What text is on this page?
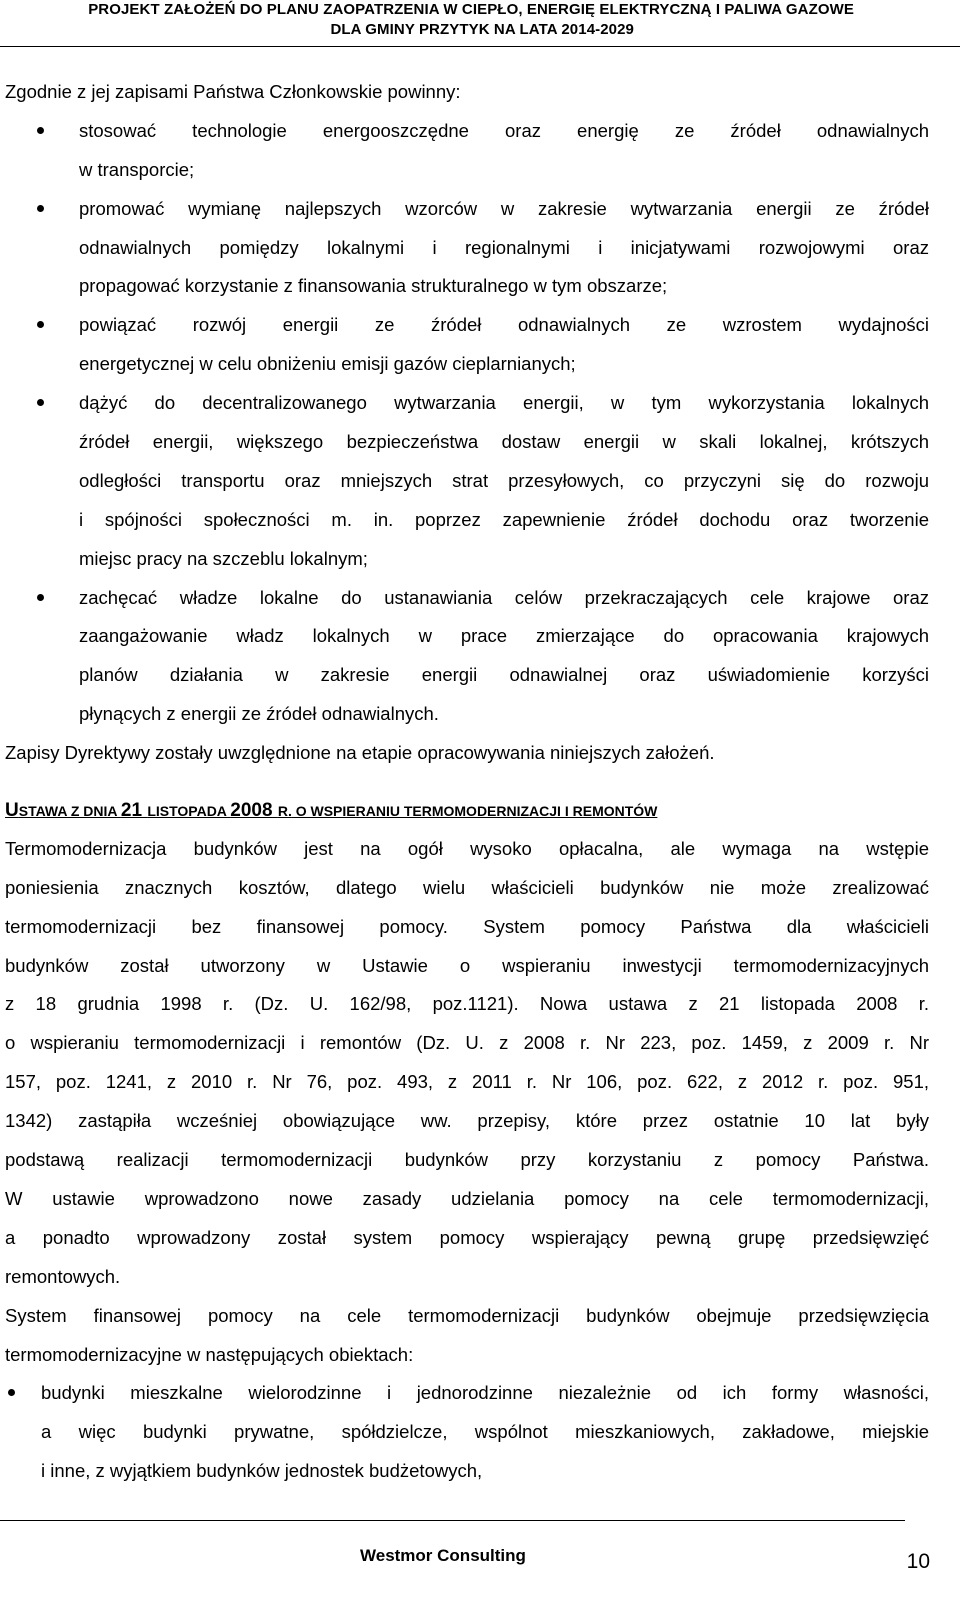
PROJEKT ZAŁOŻEŃ DO PLANU ZAOPATRZENIA W CIEPŁO, ENERGIĘ ELEKTRYCZNĄ I PALIWA GAZOWE
DLA GMINY PRZYTYK NA LATA 2014-2029
Zgodnie z jej zapisami Państwa Członkowskie powinny:
stosować technologie energooszczędne oraz energię ze źródeł odnawialnych
w transporcie;
promować wymianę najlepszych wzorców w zakresie wytwarzania energii ze źródeł
odnawialnych pomiędzy lokalnymi i regionalnymi i inicjatywami rozwojowymi oraz
propagować korzystanie z finansowania strukturalnego w tym obszarze;
powiązać rozwój energii ze źródeł odnawialnych ze wzrostem wydajności
energetycznej w celu obniżeniu emisji gazów cieplarnianych;
dążyć do decentralizowanego wytwarzania energii, w tym wykorzystania lokalnych
źródeł energii, większego bezpieczeństwa dostaw energii w skali lokalnej, krótszych
odległości transportu oraz mniejszych strat przesyłowych, co przyczyni się do rozwoju
i spójności społeczności m. in. poprzez zapewnienie źródeł dochodu oraz tworzenie
miejsc pracy na szczeblu lokalnym;
zachęcać władze lokalne do ustanawiania celów przekraczających cele krajowe oraz
zaangażowanie władz lokalnych w prace zmierzające do opracowania krajowych
planów działania w zakresie energii odnawialnej oraz uświadomienie korzyści
płynących z energii ze źródeł odnawialnych.
Zapisy Dyrektywy zostały uwzględnione na etapie opracowywania niniejszych założeń.
USTAWA Z DNIA 21 LISTOPADA 2008 R. O WSPIERANIU TERMOMODERNIZACJI I REMONTÓW
Termomodernizacja budynków jest na ogół wysoko opłacalna, ale wymaga na wstępie
poniesienia znacznych kosztów, dlatego wielu właścicieli budynków nie może zrealizować
termomodernizacji bez finansowej pomocy. System pomocy Państwa dla właścicieli
budynków został utworzony w Ustawie o wspieraniu inwestycji termomodernizacyjnych
z 18 grudnia 1998 r. (Dz. U. 162/98, poz.1121). Nowa ustawa z 21 listopada 2008 r.
o wspieraniu termomodernizacji i remontów (Dz. U. z 2008 r. Nr 223, poz. 1459, z 2009 r. Nr
157, poz. 1241, z 2010 r. Nr 76, poz. 493, z 2011 r. Nr 106, poz. 622, z 2012 r. poz. 951,
1342) zastąpiła wcześniej obowiązujące ww. przepisy, które przez ostatnie 10 lat były
podstawą realizacji termomodernizacji budynków przy korzystaniu z pomocy Państwa.
W ustawie wprowadzono nowe zasady udzielania pomocy na cele termomodernizacji,
a ponadto wprowadzony został system pomocy wspierający pewną grupę przedsięwzięć
remontowych.
System finansowej pomocy na cele termomodernizacji budynków obejmuje przedsięwzięcia
termomodernizacyjne w następujących obiektach:
budynki mieszkalne wielorodzinne i jednorodzinne niezależnie od ich formy własności,
a więc budynki prywatne, spółdzielcze, wspólnot mieszkaniowych, zakładowe, miejskie
i inne, z wyjątkiem budynków jednostek budżetowych,
Westmor Consulting	10
